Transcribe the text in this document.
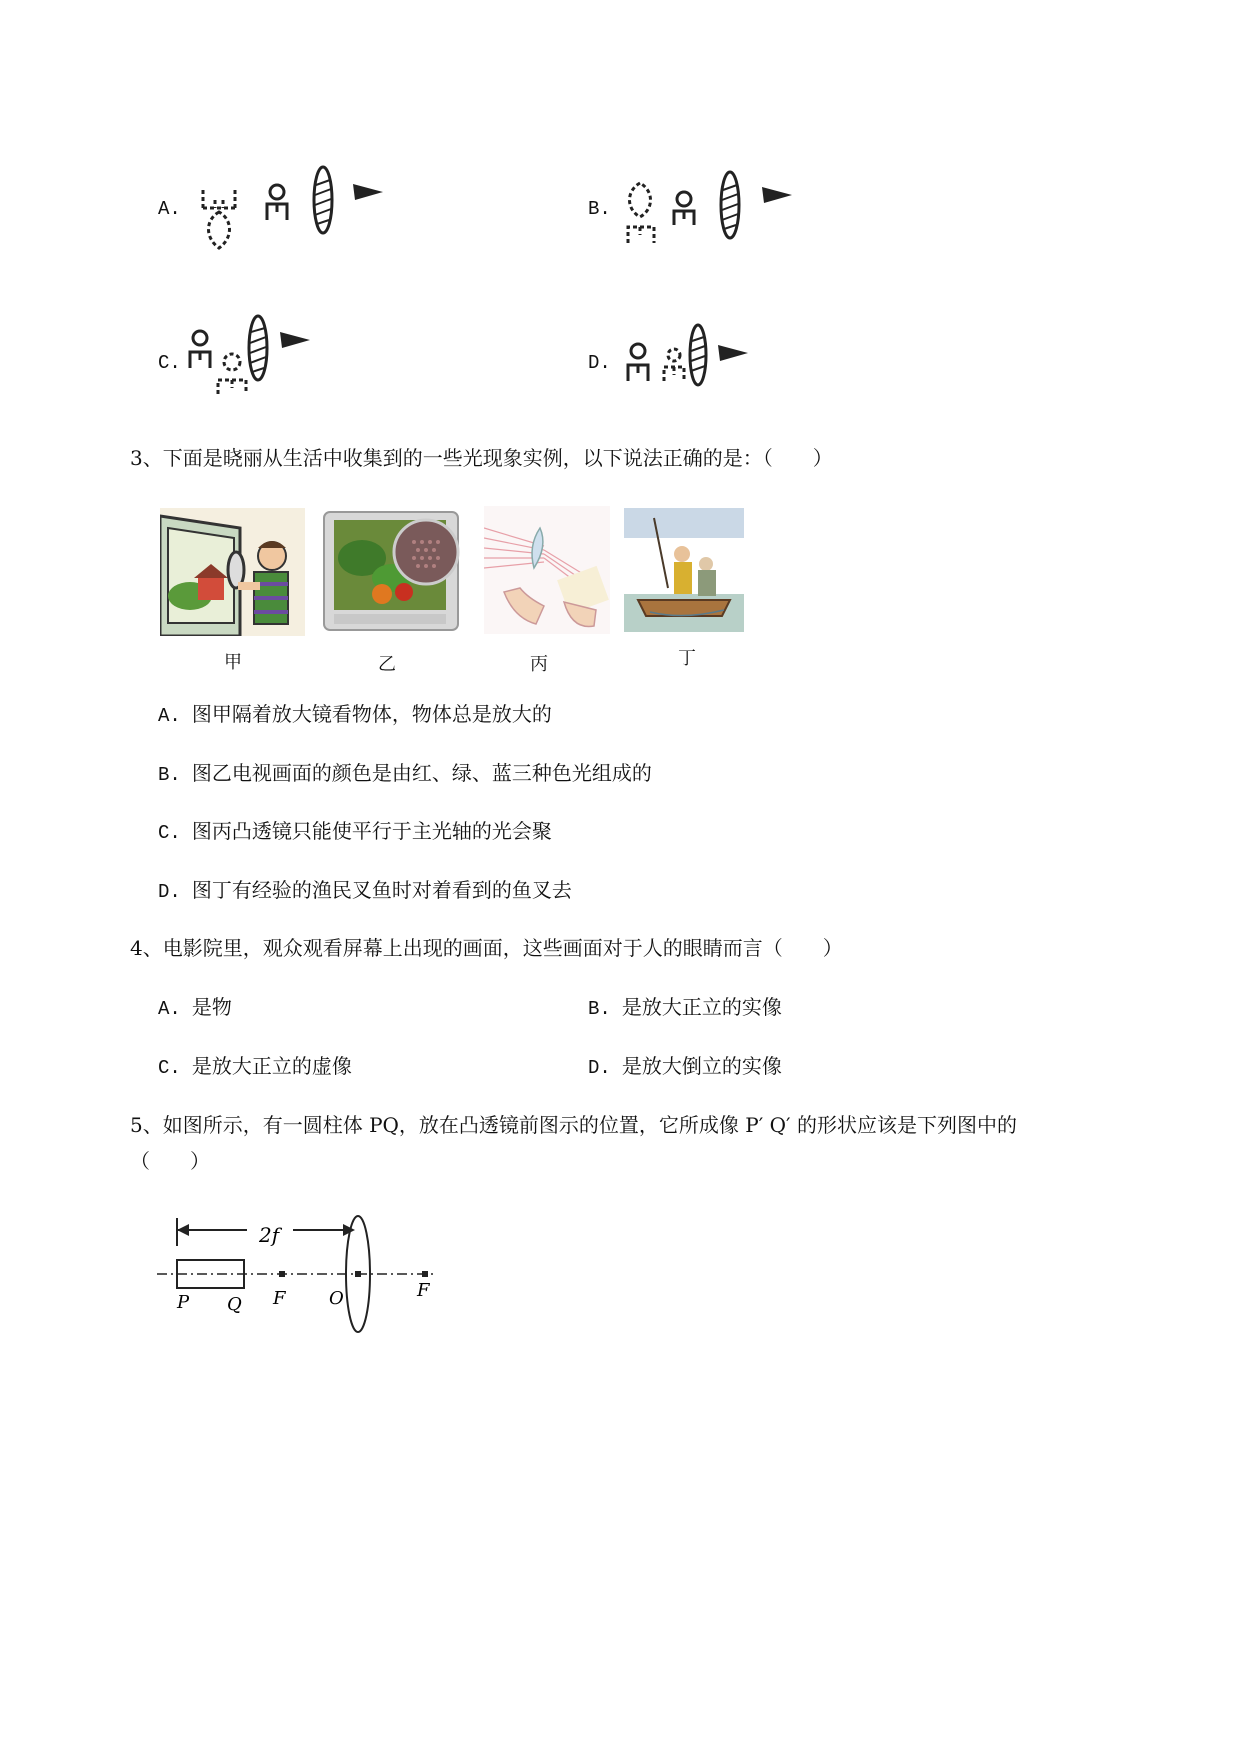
A.	B.
C.	D.
3、下面是晓丽从生活中收集到的一些光现象实例，以下说法正确的是：（　　）
甲	乙	丙	丁
A. 图甲隔着放大镜看物体，物体总是放大的
B. 图乙电视画面的颜色是由红、绿、蓝三种色光组成的
C. 图丙凸透镜只能使平行于主光轴的光会聚
D. 图丁有经验的渔民叉鱼时对着看到的鱼叉去
4、电影院里，观众观看屏幕上出现的画面，这些画面对于人的眼睛而言（　　）
A. 是物	B. 是放大正立的实像
C. 是放大正立的虚像	D. 是放大倒立的实像
5、如图所示，有一圆柱体 PQ，放在凸透镜前图示的位置，它所成像 P′ Q′ 的形状应该是下列图中的
（　　）
2f
P Q F O	F
